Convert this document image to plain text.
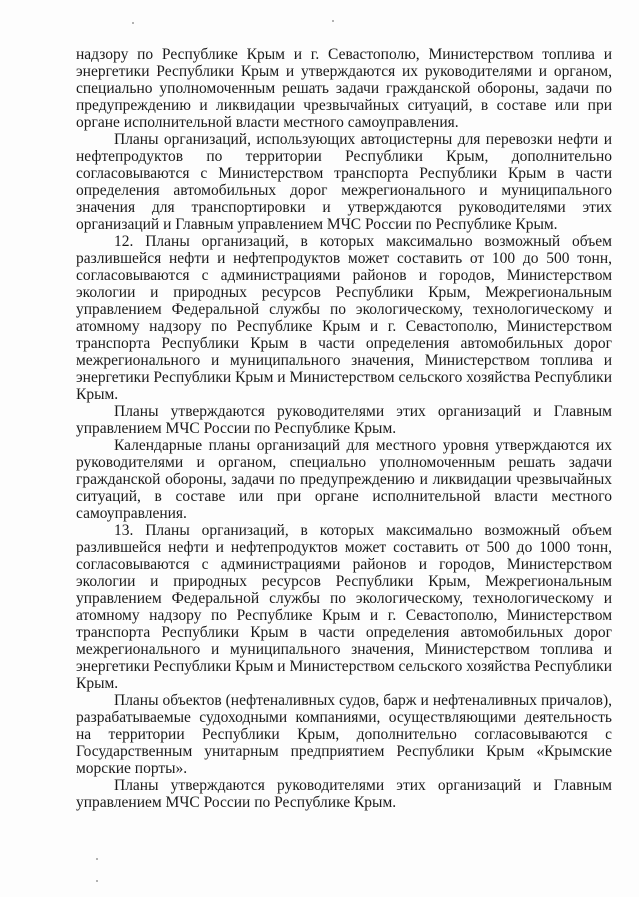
надзору по Республике Крым и г. Севастополю, Министерством топлива и энергетики Республики Крым и утверждаются их руководителями и органом, специально уполномоченным решать задачи гражданской обороны, задачи по предупреждению и ликвидации чрезвычайных ситуаций, в составе или при органе исполнительной власти местного самоуправления.

Планы организаций, использующих автоцистерны для перевозки нефти и нефтепродуктов по территории Республики Крым, дополнительно согласовываются с Министерством транспорта Республики Крым в части определения автомобильных дорог межрегионального и муниципального значения для транспортировки и утверждаются руководителями этих организаций и Главным управлением МЧС России по Республике Крым.

12. Планы организаций, в которых максимально возможный объем разлившейся нефти и нефтепродуктов может составить от 100 до 500 тонн, согласовываются с администрациями районов и городов, Министерством экологии и природных ресурсов Республики Крым, Межрегиональным управлением Федеральной службы по экологическому, технологическому и атомному надзору по Республике Крым и г. Севастополю, Министерством транспорта Республики Крым в части определения автомобильных дорог межрегионального и муниципального значения, Министерством топлива и энергетики Республики Крым и Министерством сельского хозяйства Республики Крым.

Планы утверждаются руководителями этих организаций и Главным управлением МЧС России по Республике Крым.

Календарные планы организаций для местного уровня утверждаются их руководителями и органом, специально уполномоченным решать задачи гражданской обороны, задачи по предупреждению и ликвидации чрезвычайных ситуаций, в составе или при органе исполнительной власти местного самоуправления.

13. Планы организаций, в которых максимально возможный объем разлившейся нефти и нефтепродуктов может составить от 500 до 1000 тонн, согласовываются с администрациями районов и городов, Министерством экологии и природных ресурсов Республики Крым, Межрегиональным управлением Федеральной службы по экологическому, технологическому и атомному надзору по Республике Крым и г. Севастополю, Министерством транспорта Республики Крым в части определения автомобильных дорог межрегионального и муниципального значения, Министерством топлива и энергетики Республики Крым и Министерством сельского хозяйства Республики Крым.

Планы объектов (нефтеналивных судов, барж и нефтеналивных причалов), разрабатываемые судоходными компаниями, осуществляющими деятельность на территории Республики Крым, дополнительно согласовываются с Государственным унитарным предприятием Республики Крым «Крымские морские порты».

Планы утверждаются руководителями этих организаций и Главным управлением МЧС России по Республике Крым.
